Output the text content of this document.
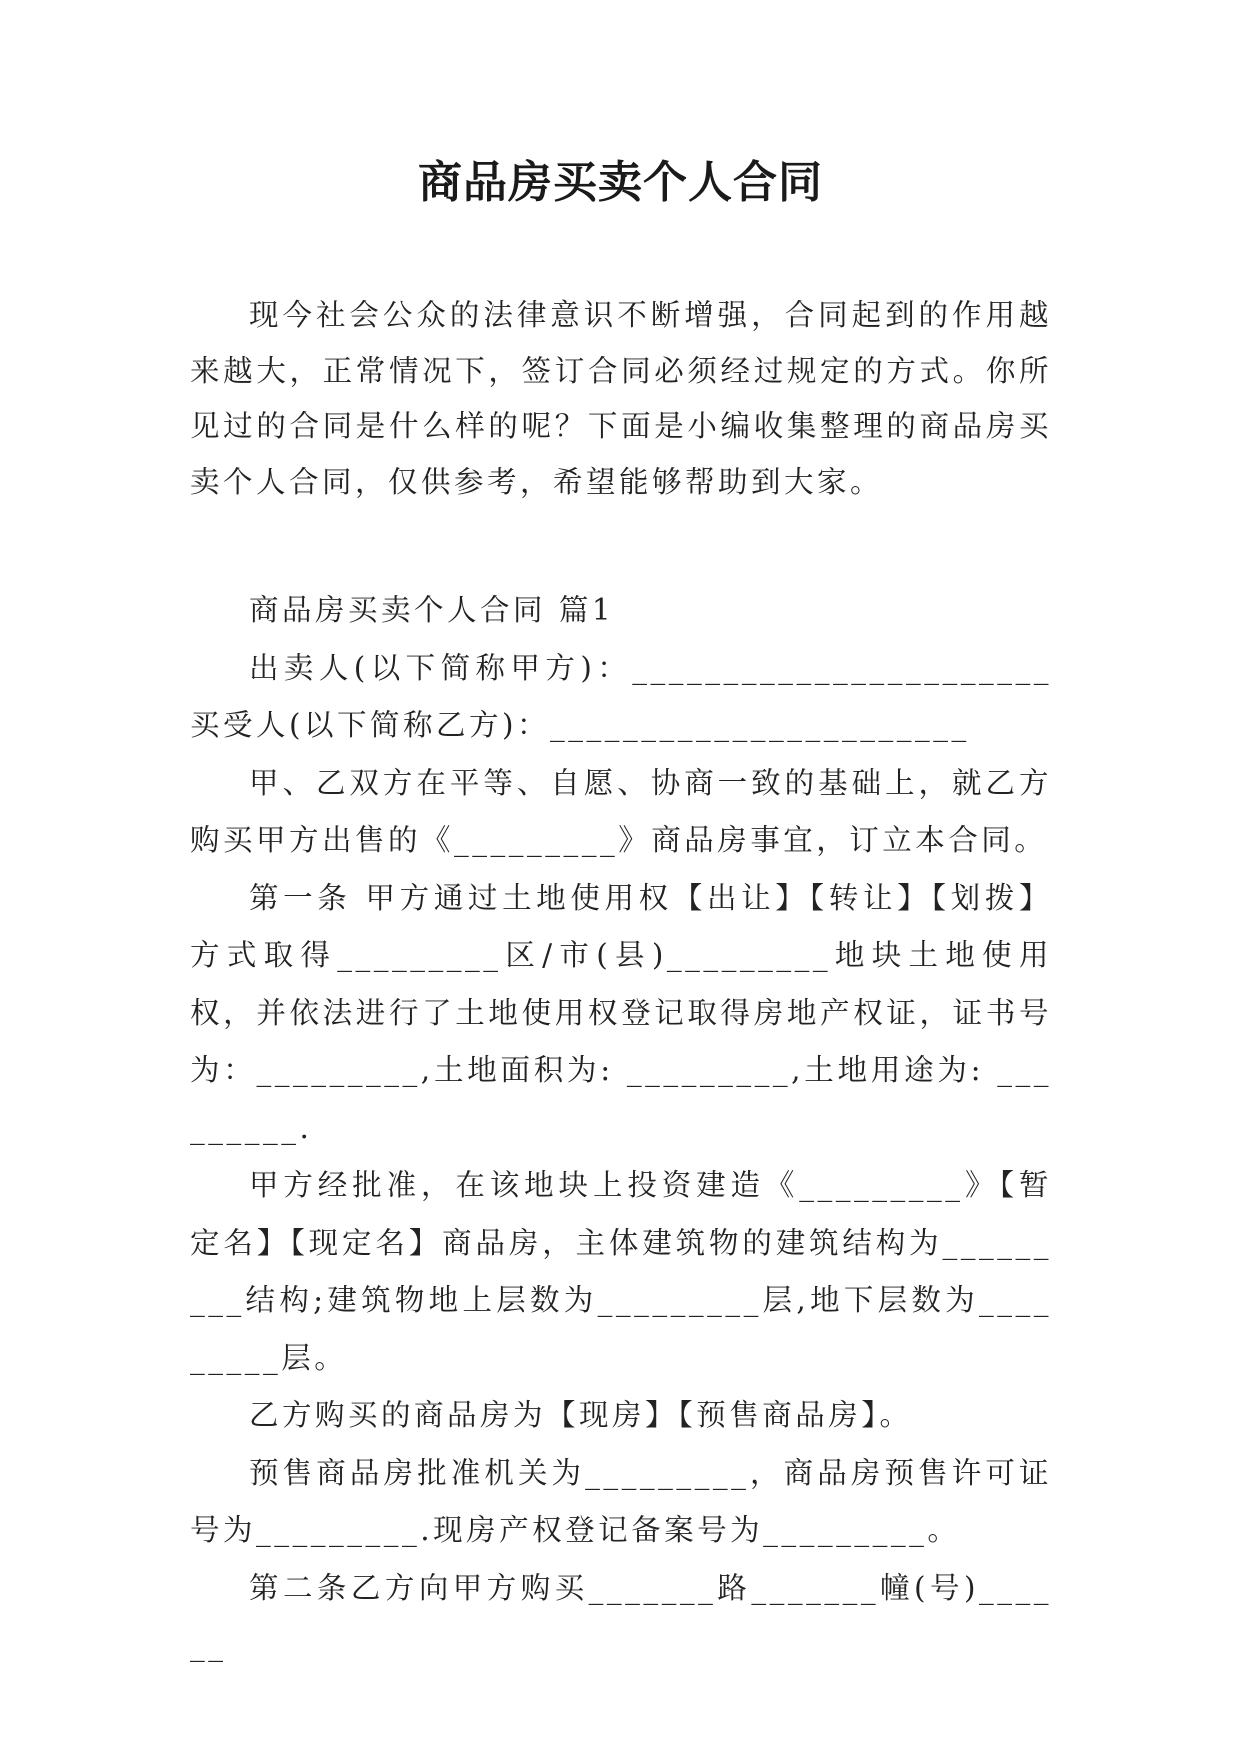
商品房买卖个人合同

现今社会公众的法律意识不断增强，合同起到的作用越来越大，正常情况下，签订合同必须经过规定的方式。你所见过的合同是什么样的呢？下面是小编收集整理的商品房买卖个人合同，仅供参考，希望能够帮助到大家。

商品房买卖个人合同 篇1

出卖人(以下简称甲方)：_______________________ 买受人(以下简称乙方)：_______________________

甲、乙双方在平等、自愿、协商一致的基础上，就乙方购买甲方出售的《_________》商品房事宜，订立本合同。

第一条 甲方通过土地使用权【出让】【转让】【划拨】方式取得_________区/市(县)_________地块土地使用权，并依法进行了土地使用权登记取得房地产权证，证书号为：_________,土地面积为: _________,土地用途为: _________.

甲方经批准，在该地块上投资建造《_________》【暂定名】【现定名】商品房，主体建筑物的建筑结构为_________结构;建筑物地上层数为_________层,地下层数为_________层。

乙方购买的商品房为【现房】【预售商品房】。

预售商品房批准机关为_________，商品房预售许可证号为_________.现房产权登记备案号为_________。

第二条乙方向甲方购买_______路_______幢(号)______
